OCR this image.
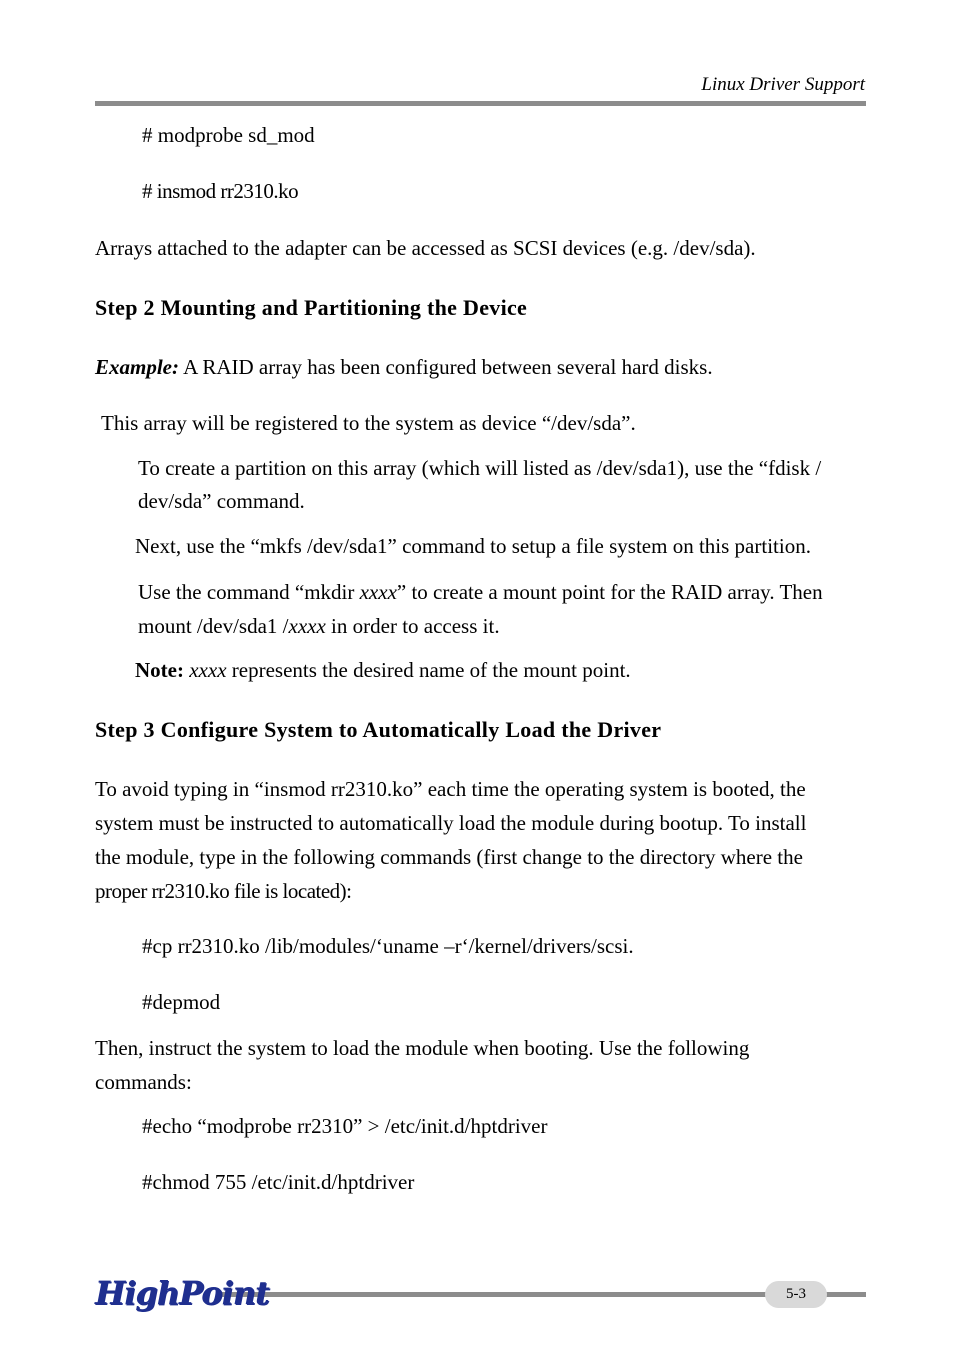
Linux Driver Support
# modprobe sd_mod
# insmod rr2310.ko
Arrays attached to the adapter can be accessed as SCSI devices (e.g. /dev/sda).
Step 2 Mounting and Partitioning the Device
Example: A RAID array has been configured between several hard disks.
This array will be registered to the system as device “/dev/sda”.
To create a partition on this array (which will listed as /dev/sda1), use the “fdisk /
dev/sda” command.
Next, use the “mkfs /dev/sda1” command to setup a file system on this partition.
Use the command “mkdir xxxx” to create a mount point for the RAID array. Then
mount /dev/sda1 /xxxx in order to access it.
Note: xxxx represents the desired name of the mount point.
Step 3 Configure System to Automatically Load the Driver
To avoid typing in “insmod rr2310.ko” each time the operating system is booted, the
system must be instructed to automatically load the module during bootup. To install
the module, type in the following commands (first change to the directory where the
proper rr2310.ko file is located):
#cp rr2310.ko /lib/modules/‘uname –r‘/kernel/drivers/scsi.
#depmod
Then, instruct the system to load the module when booting. Use the following
commands:
#echo “modprobe rr2310” > /etc/init.d/hptdriver
#chmod 755 /etc/init.d/hptdriver
HighPoint	5-3
